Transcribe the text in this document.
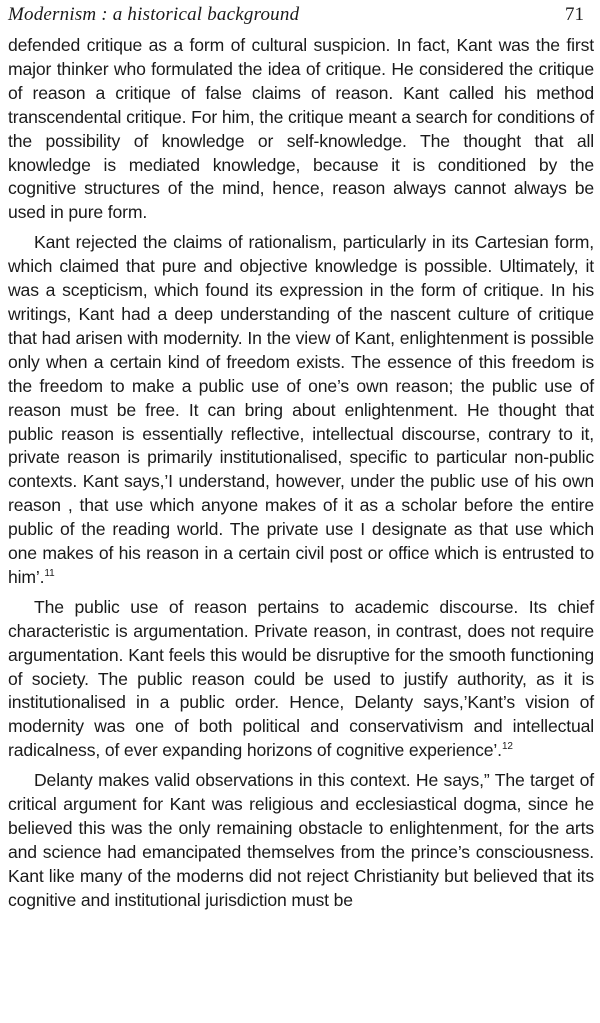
Modernism : a historical background	71

defended critique as a form of cultural suspicion. In fact, Kant was the first major thinker who formulated the idea of critique. He considered the critique of reason a critique of false claims of reason. Kant called his method transcendental critique. For him, the critique meant a search for conditions of the possibility of knowledge or self-knowledge. The thought that all knowledge is mediated knowledge, because it is conditioned by the cognitive structures of the mind, hence, reason always cannot always be used in pure form.

Kant rejected the claims of rationalism, particularly in its Cartesian form, which claimed that pure and objective knowledge is possible. Ultimately, it was a scepticism, which found its expression in the form of critique. In his writings, Kant had a deep understanding of the nascent culture of critique that had arisen with modernity. In the view of Kant, enlightenment is possible only when a certain kind of freedom exists. The essence of this freedom is the freedom to make a public use of one’s own reason; the public use of reason must be free. It can bring about enlightenment. He thought that public reason is essentially reflective, intellectual discourse, contrary to it, private reason is primarily institutionalised, specific to particular non-public contexts. Kant says,’I understand, however, under the public use of his own reason , that use which anyone makes of it as a scholar before the entire public of the reading world. The private use I designate as that use which one makes of his reason in a certain civil post or office which is entrusted to him’.$^{11}$

The public use of reason pertains to academic discourse. Its chief characteristic is argumentation. Private reason, in contrast, does not require argumentation. Kant feels this would be disruptive for the smooth functioning of society. The public reason could be used to justify authority, as it is institutionalised in a public order. Hence, Delanty says,’Kant’s vision of modernity was one of both political and conservativism and intellectual radicalness, of ever expanding horizons of cognitive experience’.$^{12}$

Delanty makes valid observations in this context. He says,” The target of critical argument for Kant was religious and ecclesiastical dogma, since he believed this was the only remaining obstacle to enlightenment, for the arts and science had emancipated themselves from the prince’s consciousness. Kant like many of the moderns did not reject Christianity but believed that its cognitive and institutional jurisdiction must be
